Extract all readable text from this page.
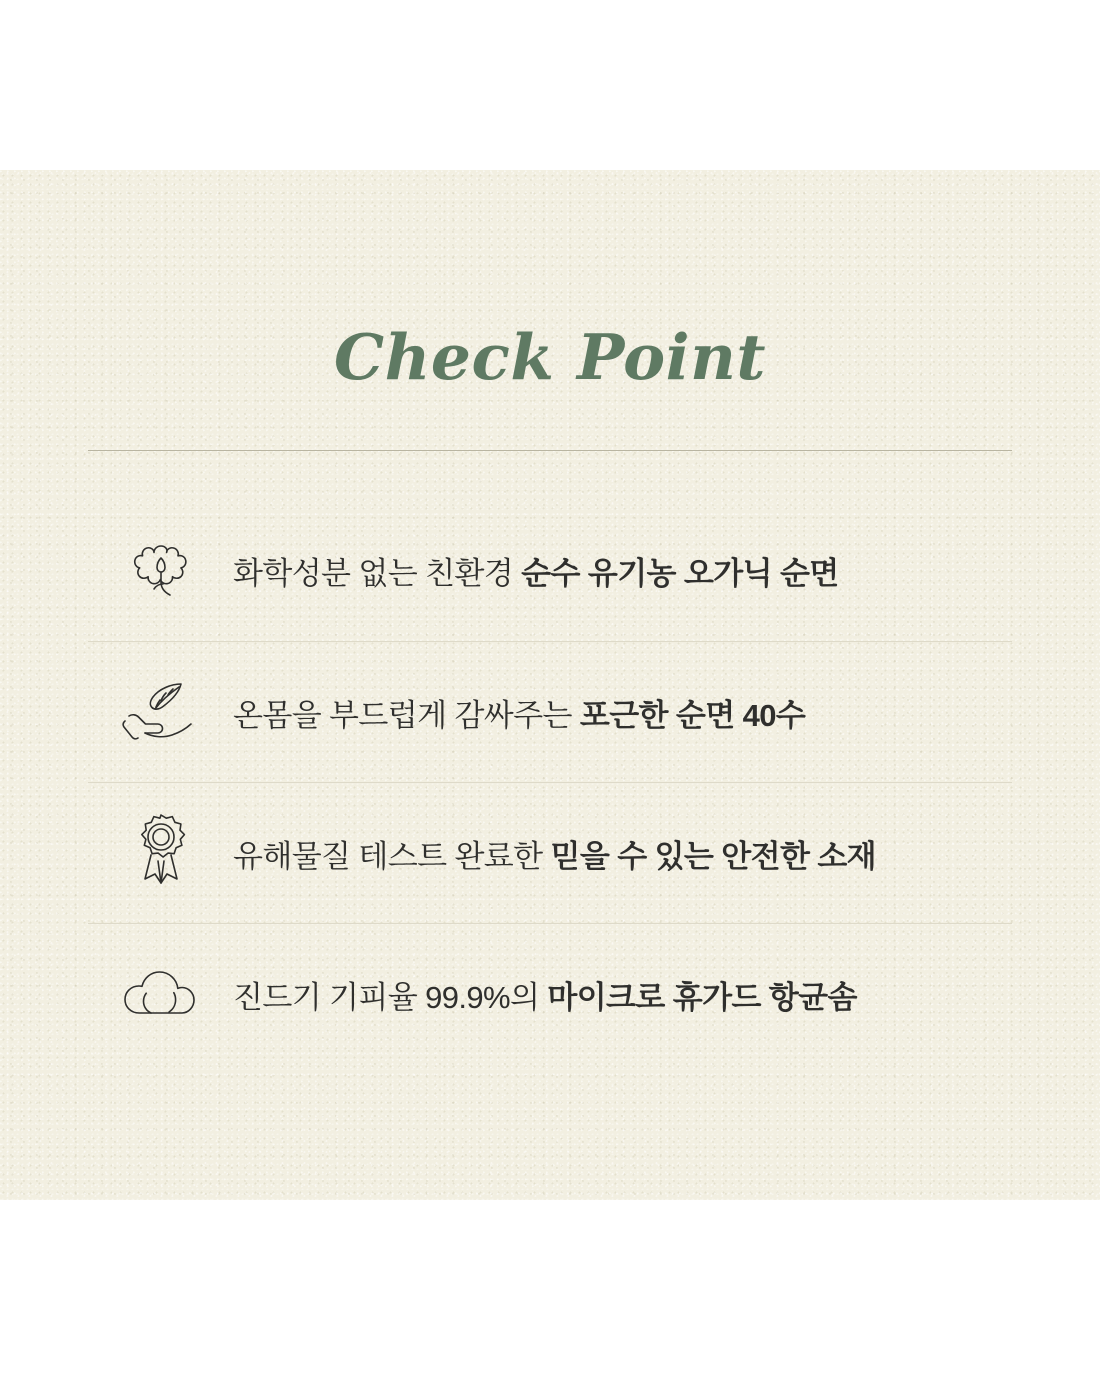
Check Point
화학성분 없는 친환경 순수 유기농 오가닉 순면
온몸을 부드럽게 감싸주는 포근한 순면 40수
유해물질 테스트 완료한 믿을 수 있는 안전한 소재
진드기 기피율 99.9%의 마이크로 휴가드 항균솜
